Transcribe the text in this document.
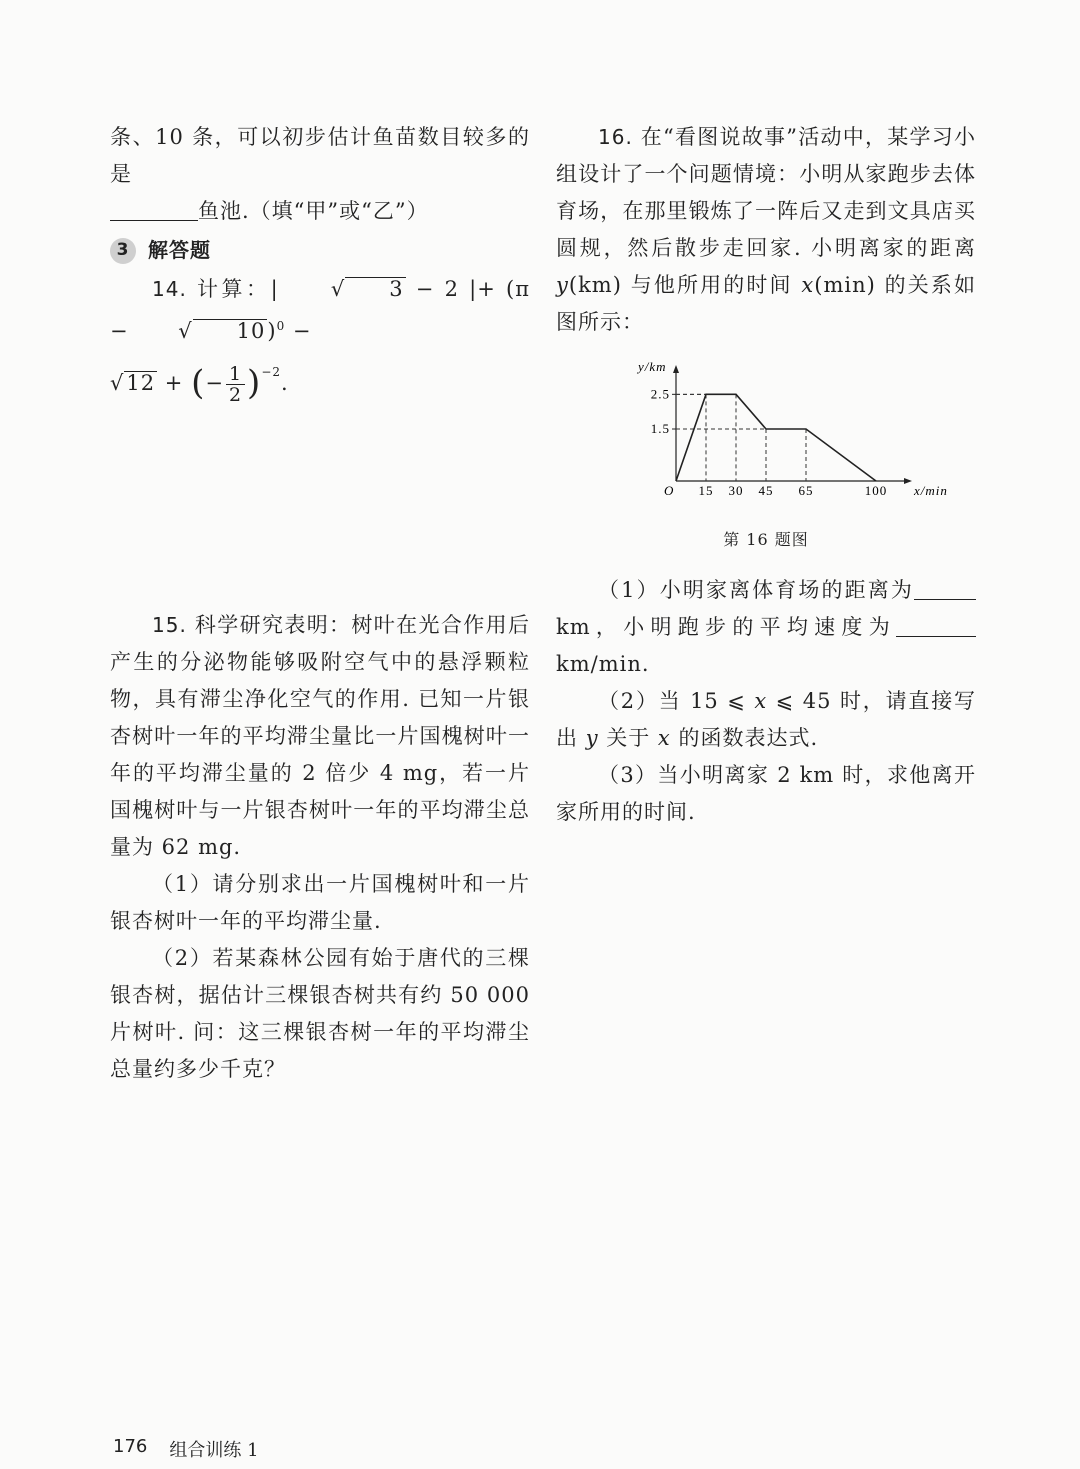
条、10 条，可以初步估计鱼苗数目较多的是

鱼池.（填“甲”或“乙”）

3 解答题

14. 计算：| √ 3 − 2 |+ (π − √ 10)$^0$ −

√12 + (− $\frac{1}{2} )^{-2}$.

15. 科学研究表明：树叶在光合作用后产生的分泌物能够吸附空气中的悬浮颗粒物，具有滞尘净化空气的作用. 已知一片银杏树叶一年的平均滞尘量比一片国槐树叶一年的平均滞尘量的 2 倍少 4 mg，若一片国槐树叶与一片银杏树叶一年的平均滞尘总量为 62 mg.

（1）请分别求出一片国槐树叶和一片银杏树叶一年的平均滞尘量.

（2）若某森林公园有始于唐代的三棵银杏树，据估计三棵银杏树共有约 50 000 片树叶. 问：这三棵银杏树一年的平均滞尘总量约多少千克？

16. 在“看图说故事”活动中，某学习小组设计了一个问题情境：小明从家跑步去体育场，在那里锻炼了一阵后又走到文具店买圆规，然后散步走回家. 小明离家的距离 y(km) 与他所用的时间 x(min) 的关系如图所示：

x/min
y/km
O 15 30 45 65	100
1.5
2.5

第 16 题图

（1）小明家离体育场的距离为km，小明跑步的平均速度为km/min.

（2）当 15 ⩽ x ⩽ 45 时，请直接写出 y 关于 x 的函数表达式.

（3）当小明离家 2 km 时，求他离开家所用的时间.

176 组合训练 1
